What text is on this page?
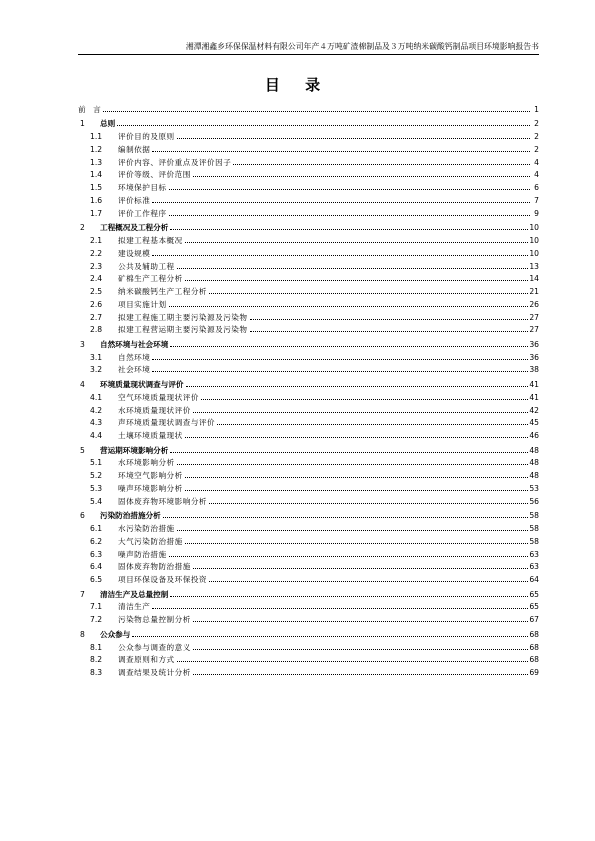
湘潭湘鑫乡环保保温材料有限公司年产４万吨矿渣棉制品及３万吨纳米碳酸钙制品项目环境影响报告书
目 录
前　言	1
1	总则	2
1.1	评价目的及原则	2
1.2	编制依据	2
1.3	评价内容、评价重点及评价因子	4
1.4	评价等级、评价范围	4
1.5	环境保护目标	6
1.6	评价标准	7
1.7	评价工作程序	9
2	工程概况及工程分析	10
2.1	拟建工程基本概况	10
2.2	建设规模	10
2.3	公共及辅助工程	13
2.4	矿棉生产工程分析	14
2.5	纳米碳酸钙生产工程分析	21
2.6	项目实施计划	26
2.7	拟建工程施工期主要污染源及污染物	27
2.8	拟建工程营运期主要污染源及污染物	27
3	自然环境与社会环境	36
3.1	自然环境	36
3.2	社会环境	38
4	环境质量现状调查与评价	41
4.1	空气环境质量现状评价	41
4.2	水环境质量现状评价	42
4.3	声环境质量现状调查与评价	45
4.4	土壤环境质量现状	46
5	营运期环境影响分析	48
5.1	水环境影响分析	48
5.2	环境空气影响分析	48
5.3	噪声环境影响分析	53
5.4	固体废弃物环境影响分析	56
6	污染防治措施分析	58
6.1	水污染防治措施	58
6.2	大气污染防治措施	58
6.3	噪声防治措施	63
6.4	固体废弃物防治措施	63
6.5	项目环保设备及环保投资	64
7	清洁生产及总量控制	65
7.1	清洁生产	65
7.2	污染物总量控制分析	67
8	公众参与	68
8.1	公众参与调查的意义	68
8.2	调查原则和方式	68
8.3	调查结果及统计分析	69
